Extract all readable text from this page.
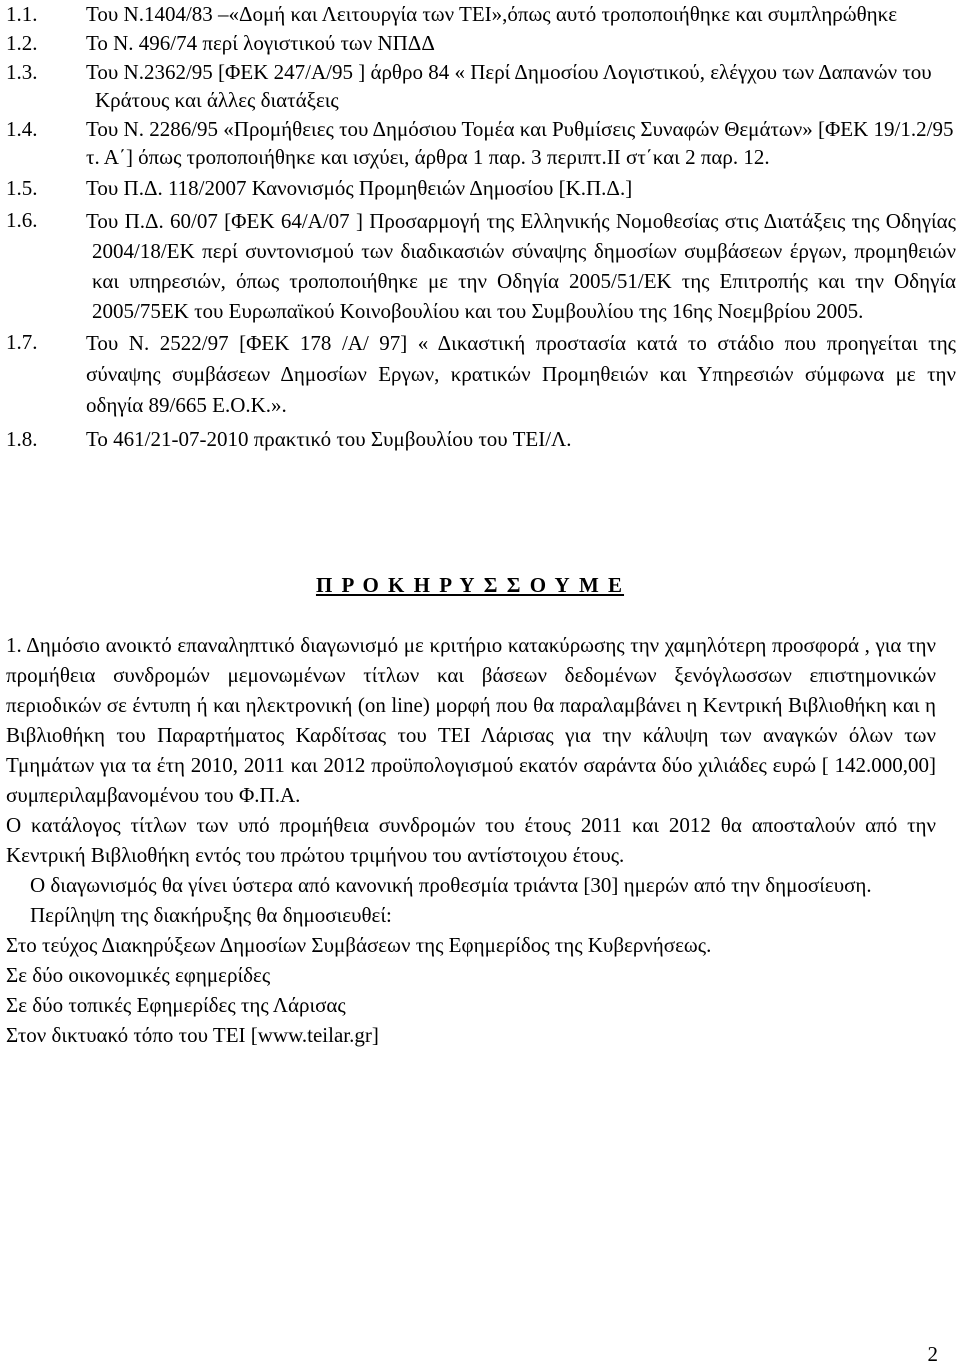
1.1.	Του Ν.1404/83 –«Δομή και Λειτουργία των ΤΕΙ»,όπως αυτό τροποποιήθηκε και συμπληρώθηκε
1.2.	Το Ν. 496/74 περί λογιστικού των ΝΠΔΔ
1.3.	Του Ν.2362/95 [ΦΕΚ 247/Α/95 ] άρθρο 84 « Περί Δημοσίου Λογιστικού, ελέγχου των Δαπανών του Κράτους και άλλες διατάξεις
1.4.	Του Ν. 2286/95 «Προμήθειες του Δημόσιου Τομέα και Ρυθμίσεις Συναφών Θεμάτων» [ΦΕΚ 19/1.2/95 τ. Α΄] όπως τροποποιήθηκε και ισχύει, άρθρα 1 παρ. 3 περιπτ.ΙΙ στ΄και 2 παρ. 12.
1.5.	Του Π.Δ. 118/2007 Κανονισμός Προμηθειών Δημοσίου [Κ.Π.Δ.]
1.6.	Του Π.Δ. 60/07 [ΦΕΚ 64/Α/07 ] Προσαρμογή της Ελληνικής Νομοθεσίας στις Διατάξεις της Οδηγίας 2004/18/ΕΚ περί συντονισμού των διαδικασιών σύναψης δημοσίων συμβάσεων έργων, προμηθειών και υπηρεσιών, όπως τροποποιήθηκε με την Οδηγία 2005/51/ΕΚ της Επιτροπής και την Οδηγία 2005/75ΕΚ του Ευρωπαϊκού Κοινοβουλίου και του Συμβουλίου της 16ης Νοεμβρίου 2005.
1.7.	Του Ν. 2522/97 [ΦΕΚ 178 /Α/ 97] « Δικαστική προστασία κατά το στάδιο που προηγείται της σύναψης συμβάσεων Δημοσίων Εργων, κρατικών Προμηθειών και Υπηρεσιών σύμφωνα με την οδηγία 89/665 Ε.Ο.Κ.».
1.8.	Το 461/21-07-2010 πρακτικό του Συμβουλίου του ΤΕΙ/Λ.
Π Ρ Ο Κ Η Ρ Υ Σ Σ Ο Υ Μ Ε

1. Δημόσιο ανοικτό επαναληπτικό διαγωνισμό με κριτήριο κατακύρωσης την χαμηλότερη προσφορά , για την προμήθεια συνδρομών μεμονωμένων τίτλων και βάσεων δεδομένων ξενόγλωσσων επιστημονικών περιοδικών σε έντυπη ή και ηλεκτρονική (on line) μορφή που θα παραλαμβάνει η Κεντρική Βιβλιοθήκη και η Βιβλιοθήκη του Παραρτήματος Καρδίτσας του ΤΕΙ Λάρισας για την κάλυψη των αναγκών όλων των Τμημάτων για τα έτη 2010, 2011 και 2012 προϋπολογισμού εκατόν σαράντα δύο χιλιάδες ευρώ [ 142.000,00] συμπεριλαμβανομένου του Φ.Π.Α.

Ο κατάλογος τίτλων των υπό προμήθεια συνδρομών του έτους 2011 και 2012 θα αποσταλούν από την Κεντρική Βιβλιοθήκη εντός του πρώτου τριμήνου του αντίστοιχου έτους.

Ο διαγωνισμός θα γίνει ύστερα από κανονική προθεσμία τριάντα [30] ημερών από την δημοσίευση.

Περίληψη της διακήρυξης θα δημοσιευθεί:

Στο τεύχος Διακηρύξεων Δημοσίων Συμβάσεων της Εφημερίδος της Κυβερνήσεως.

Σε δύο οικονομικές εφημερίδες

Σε δύο τοπικές Εφημερίδες της Λάρισας

Στον δικτυακό τόπο του ΤΕΙ [www.teilar.gr]

2
